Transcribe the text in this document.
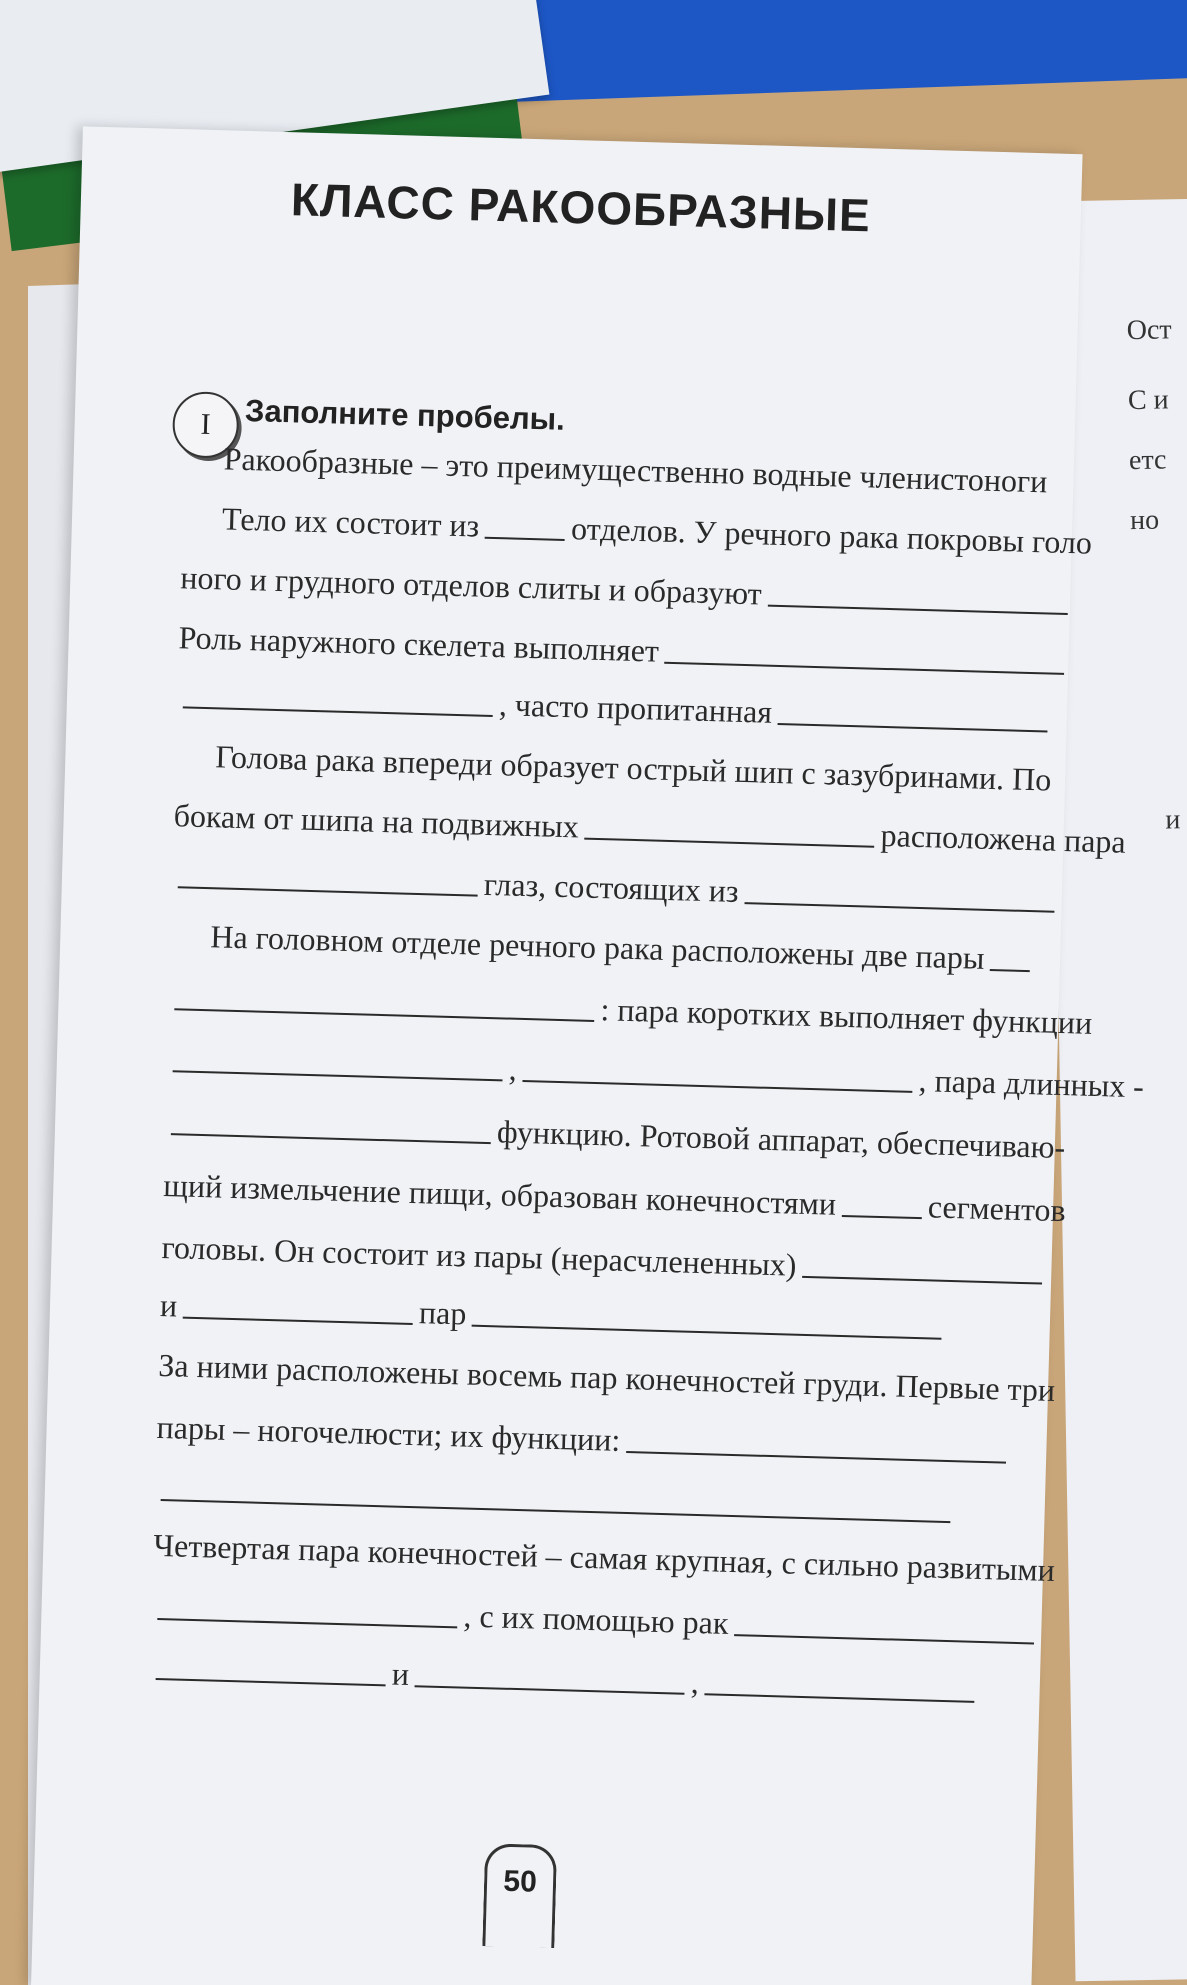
Ост
С и
етс
но
и
КЛАСС РАКООБРАЗНЫЕ
I	Заполните пробелы.
Ракообразные – это преимущественно водные членистоноги
Тело их состоит из	отделов. У речного рака покровы голо
ного и грудного отделов слиты и образуют
Роль наружного скелета выполняет
, часто пропитанная
Голова рака впереди образует острый шип с зазубринами. По
бокам от шипа на подвижных	расположена пара
глаз, состоящих из
На головном отделе речного рака расположены две пары
: пара коротких выполняет функции
,	, пара длинных -
функцию. Ротовой аппарат, обеспечиваю-
щий измельчение пищи, образован конечностями	сегментов
головы. Он состоит из пары (нерасчлененных)
и	пар
За ними расположены восемь пар конечностей груди. Первые три
пары – ногочелюсти; их функции:
Четвертая пара конечностей – самая крупная, с сильно развитыми
, с их помощью рак
и	,
50
